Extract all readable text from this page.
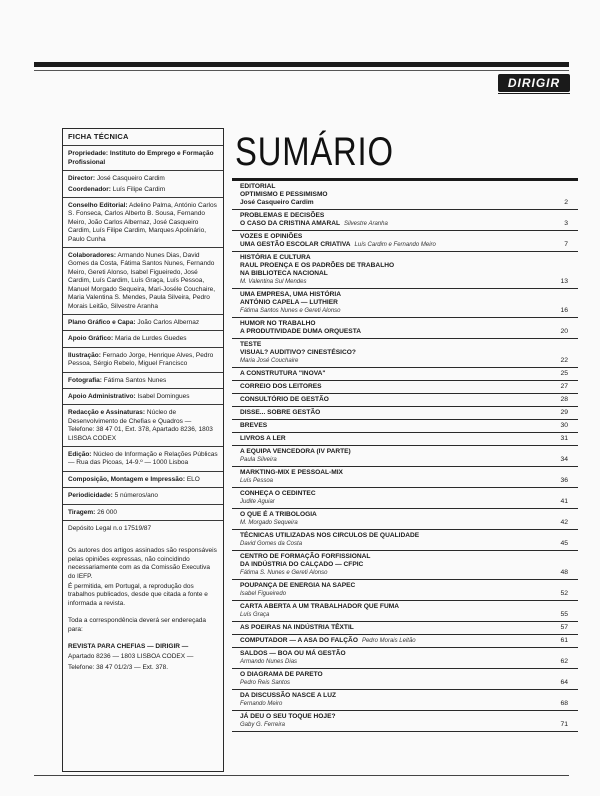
DIRIGIR
FICHA TÉCNICA

Propriedade: Instituto do Emprego e Formação Profissional

Director: José Casqueiro Cardim

Coordenador: Luís Filipe Cardim

Conselho Editorial: Adelino Palma, António Carlos S. Fonseca, Carlos Alberto B. Sousa, Fernando Meiro, João Carlos Albernaz, José Casqueiro Cardim, Luís Filipe Cardim, Marques Apolinário, Paulo Cunha

Colaboradores: Armando Nunes Dias, David Gomes da Costa, Fátima Santos Nunes, Fernando Meiro, Gereti Alonso, Isabel Figueiredo, José Cardim, Luís Cardim, Luís Graça, Luís Pessoa, Manuel Morgado Sequeira, Mari-Joséle Couchaire, Maria Valentina S. Mendes, Paula Silveira, Pedro Morais Leitão, Silvestre Aranha

Plano Gráfico e Capa: João Carlos Albernaz

Apoio Gráfico: Maria de Lurdes Guedes

Ilustração: Fernado Jorge, Henrique Alves, Pedro Pessoa, Sérgio Rebelo, Miguel Francisco

Fotografia: Fátima Santos Nunes

Apoio Administrativo: Isabel Domingues

Redacção e Assinaturas: Núcleo de Desenvolvimento de Chefias e Quadros — Telefone: 38 47 01, Ext. 378, Apartado 8236, 1803 LISBOA CODEX

Edição: Núcleo de Informação e Relações Públicas — Rua das Picoas, 14-9.º — 1000 Lisboa

Composição, Montagem e Impressão: ELO

Periodicidade: 5 números/ano

Tiragem: 26 000

Depósito Legal n.o 17519/87

Os autores dos artigos assinados são responsáveis pelas opiniões expressas, não coincidindo necessariamente com as da Comissão Executiva do IEFP.

É permitida, em Portugal, a reprodução dos trabalhos publicados, desde que citada a fonte e informada a revista.

Toda a correspondência deverá ser endereçada para:

REVISTA PARA CHEFIAS — DIRIGIR —

Apartado 8236 — 1803 LISBOA CODEX —

Telefone: 38 47 01/2/3 — Ext. 378.

SUMÁRIO
EDITORIAL
OPTIMISMO E PESSIMISMO
José Casqueiro Cardim	2
PROBLEMAS E DECISÕES
O CASO DA CRISTINA AMARAL Silvestre Aranha	3
VOZES E OPINIÕES
UMA GESTÃO ESCOLAR CRIATIVA Luís Cardim e Fernando Meiro	7
HISTÓRIA E CULTURA
RAUL PROENÇA E OS PADRÕES DE TRABALHO
NA BIBLIOTECA NACIONAL
M. Valentina Sul Mendes	13
UMA EMPRESA, UMA HISTÓRIA
ANTÓNIO CAPELA — LUTHIER
Fátima Santos Nunes e Gereti Alonso	16
HUMOR NO TRABALHO
A PRODUTIVIDADE DUMA ORQUESTA	20
TESTE
VISUAL? AUDITIVO? CINESTÉSICO?
Maria José Couchaire	22
A CONSTRUTURA "INOVA"	25
CORREIO DOS LEITORES	27
CONSULTÓRIO DE GESTÃO	28
DISSE... SOBRE GESTÃO	29
BREVES	30
LIVROS A LER	31
A EQUIPA VENCEDORA (IV PARTE)
Paula Silveira	34
MARKTING-MIX E PESSOAL-MIX
Luís Pessoa	36
CONHEÇA O CEDINTEC
Judite Aguiar	41
O QUE É A TRIBOLOGIA
M. Morgado Sequeira	42
TÉCNICAS UTILIZADAS NOS CIRCULOS DE QUALIDADE
David Gomes da Costa	45
CENTRO DE FORMAÇÃO FORFISSIONAL
DA INDÚSTRIA DO CALÇADO — CFPIC
Fátima S. Nunes e Gereti Alonso	48
POUPANÇA DE ENERGIA NA SAPEC
Isabel Figueiredo	52
CARTA ABERTA A UM TRABALHADOR QUE FUMA
Luís Graça	55
AS POEIRAS NA INDÚSTRIA TÊXTIL	57
COMPUTADOR — A ASA DO FALÇÃO Pedro Morais Leitão	61
SALDOS — BOA OU MÁ GESTÃO
Armando Nunes Dias	62
O DIAGRAMA DE PARETO
Pedro Reis Santos	64
DA DISCUSSÃO NASCE A LUZ
Fernando Meiro	68
JÁ DEU O SEU TOQUE HOJE?
Gaby G. Ferreira	71
